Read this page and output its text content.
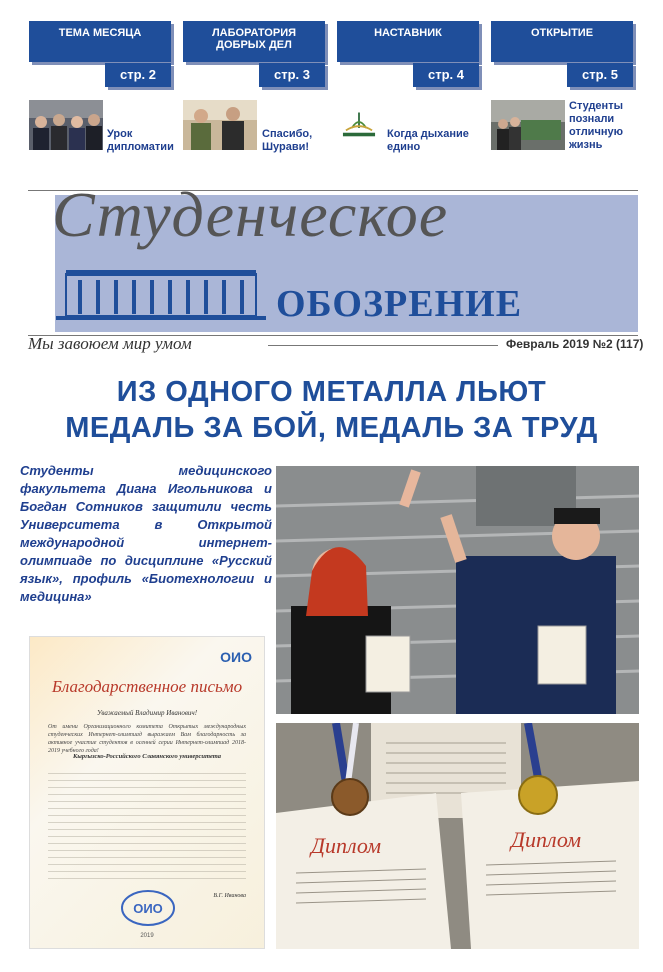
ТЕМА МЕСЯЦА
стр. 2
ЛАБОРАТОРИЯ ДОБРЫХ ДЕЛ
стр. 3
НАСТАВНИК
стр. 4
ОТКРЫТИЕ
стр. 5
Урок дипломатии
Спасибо, Шурави!
Когда дыхание едино
Студенты познали отличную жизнь
Студенческое
ОБОЗРЕНИЕ
Мы завоюем мир умом	Февраль 2019 №2 (117)
ИЗ ОДНОГО МЕТАЛЛА ЛЬЮТ
МЕДАЛЬ ЗА БОЙ, МЕДАЛЬ ЗА ТРУД
Студенты медицинского факультета Диана Игольникова и Богдан Сотников защитили честь Университета в Открытой международной интернет-олимпиаде по дисциплине «Русский язык», профиль «Биотехнологии и медицина»
ОИО
Благодарственное письмо
Уважаемый Владимир Иванович!
От имени Организационного комитета Открытых международных студенческих Интернет-олимпиад выражаем Вам благодарность за активное участие студентов в осенней серии Интернет-олимпиад 2018-2019 учебного года!
Кыргызско-Российского Славянского университета
ОИО
В.Г. Иванова
2019
Диплом	Диплом
